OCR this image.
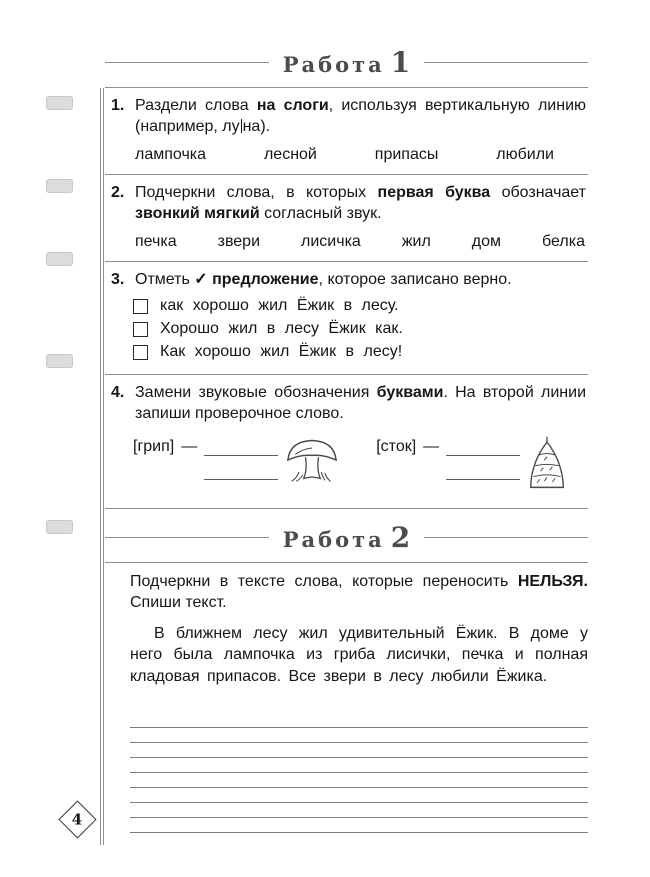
Работа 1
1. Раздели слова на слоги, используя вертикальную линию (например, лу на).
лампочка	лесной	припасы	любили
2. Подчеркни слова, в которых первая буква обозначает звонкий мягкий согласный звук.
печка	звери	лисичка	жил	дом	белка
3. Отметь ✓ предложение, которое записано верно.
как хорошо жил Ёжик в лесу.
Хорошо жил в лесу Ёжик как.
Как хорошо жил Ёжик в лесу!
4. Замени звуковые обозначения буквами. На второй линии запиши проверочное слово.
[грип] —	[сток] —
Работа 2
Подчеркни в тексте слова, которые переносить НЕЛЬЗЯ. Спиши текст.
В ближнем лесу жил удивительный Ёжик. В доме у него была лампочка из гриба лисички, печка и полная кладовая припасов. Все звери в лесу любили Ёжика.
4
